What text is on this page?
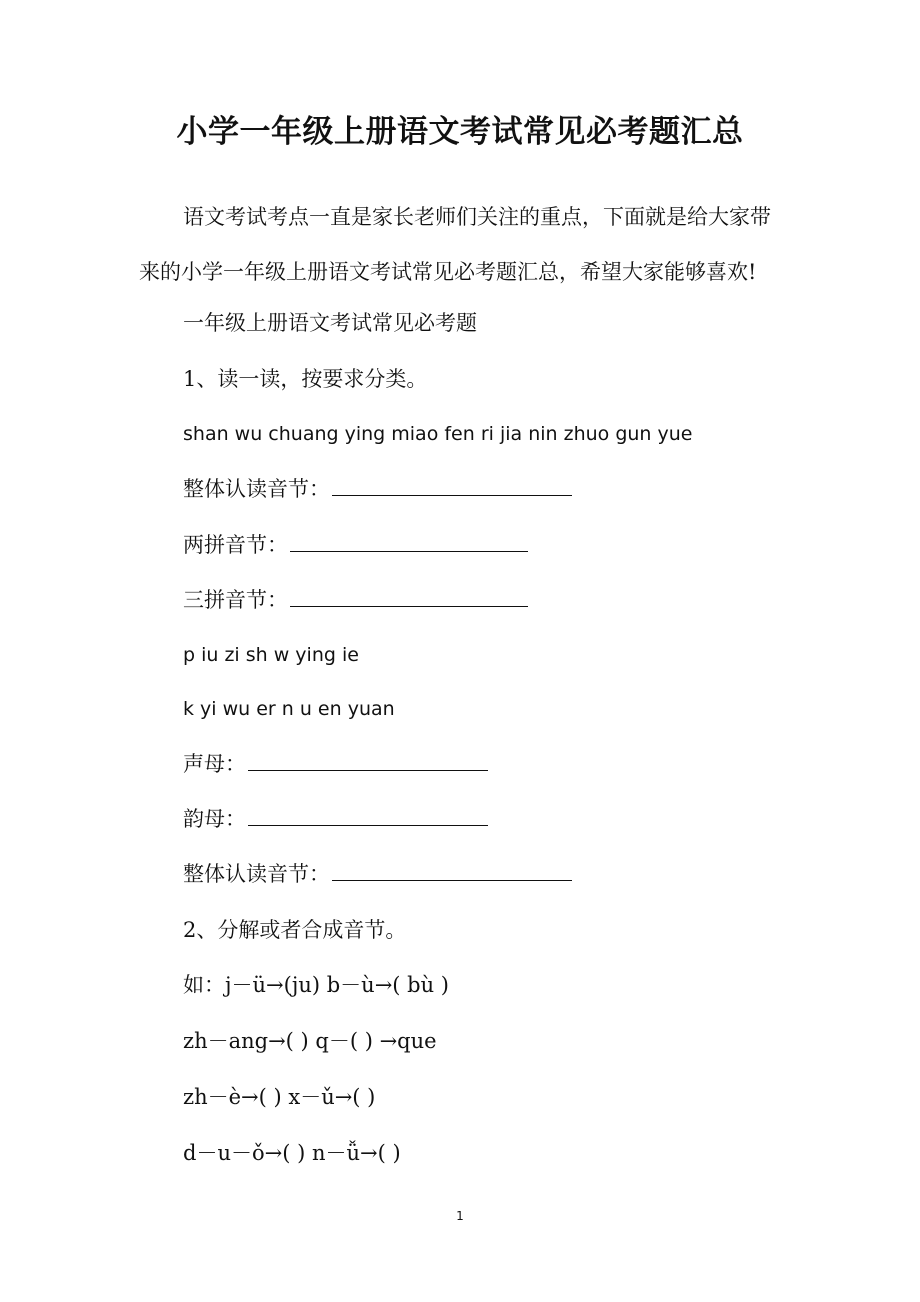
小学一年级上册语文考试常见必考题汇总

语文考试考点一直是家长老师们关注的重点，下面就是给大家带来的小学一年级上册语文考试常见必考题汇总，希望大家能够喜欢!

一年级上册语文考试常见必考题
1、读一读，按要求分类。
shan wu chuang ying miao fen ri jia nin zhuo gun yue
整体认读音节：
两拼音节：
三拼音节：
p iu zi sh w ying ie
k yi wu er n u en yuan
声母：
韵母：
整体认读音节：
2、分解或者合成音节。
如：j－ü→(ju) b－ù→( bù )
zh－ang→( ) q－( ) →que
zh－è→( ) x－ǔ→( )
d－u－ǒ→( ) n－ǚ→( )
1
